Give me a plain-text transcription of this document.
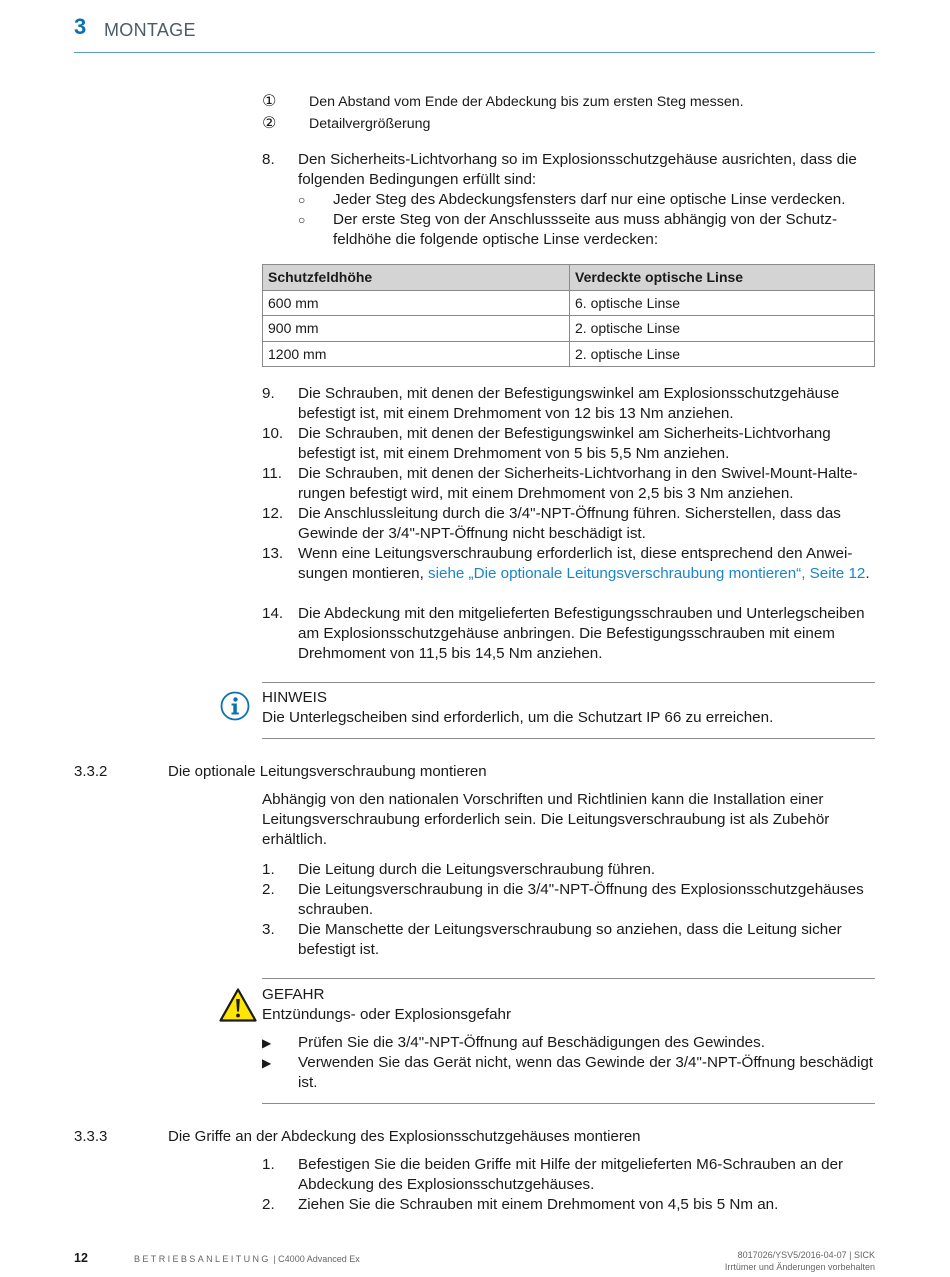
3 MONTAGE
①	Den Abstand vom Ende der Abdeckung bis zum ersten Steg messen.
②	Detailvergrößerung
8. Den Sicherheits-Lichtvorhang so im Explosionsschutzgehäuse ausrichten, dass die folgenden Bedingungen erfüllt sind:
○ Jeder Steg des Abdeckungsfensters darf nur eine optische Linse verdecken.
○ Der erste Steg von der Anschlussseite aus muss abhängig von der Schutzfeldhöhe die folgende optische Linse verdecken:
Schutzfeldhöhe	Verdeckte optische Linse
600 mm	6. optische Linse
900 mm	2. optische Linse
1200 mm	2. optische Linse
9. Die Schrauben, mit denen der Befestigungswinkel am Explosionsschutzgehäuse befestigt ist, mit einem Drehmoment von 12 bis 13 Nm anziehen.
10. Die Schrauben, mit denen der Befestigungswinkel am Sicherheits-Lichtvorhang befestigt ist, mit einem Drehmoment von 5 bis 5,5 Nm anziehen.
11. Die Schrauben, mit denen der Sicherheits-Lichtvorhang in den Swivel-Mount-Halterungen befestigt wird, mit einem Drehmoment von 2,5 bis 3 Nm anziehen.
12. Die Anschlussleitung durch die 3/4"-NPT-Öffnung führen. Sicherstellen, dass das Gewinde der 3/4"-NPT-Öffnung nicht beschädigt ist.
13. Wenn eine Leitungsverschraubung erforderlich ist, diese entsprechend den Anweisungen montieren, siehe „Die optionale Leitungsverschraubung montieren“, Seite 12.
14. Die Abdeckung mit den mitgelieferten Befestigungsschrauben und Unterlegscheiben am Explosionsschutzgehäuse anbringen. Die Befestigungsschrauben mit einem Drehmoment von 11,5 bis 14,5 Nm anziehen.
HINWEIS
Die Unterlegscheiben sind erforderlich, um die Schutzart IP 66 zu erreichen.
3.3.2	Die optionale Leitungsverschraubung montieren
Abhängig von den nationalen Vorschriften und Richtlinien kann die Installation einer Leitungsverschraubung erforderlich sein. Die Leitungsverschraubung ist als Zubehör erhältlich.
1. Die Leitung durch die Leitungsverschraubung führen.
2. Die Leitungsverschraubung in die 3/4"-NPT-Öffnung des Explosionsschutzgehäuses schrauben.
3. Die Manschette der Leitungsverschraubung so anziehen, dass die Leitung sicher befestigt ist.
GEFAHR
Entzündungs- oder Explosionsgefahr
▶ Prüfen Sie die 3/4"-NPT-Öffnung auf Beschädigungen des Gewindes.
▶ Verwenden Sie das Gerät nicht, wenn das Gewinde der 3/4"-NPT-Öffnung beschädigt ist.
3.3.3	Die Griffe an der Abdeckung des Explosionsschutzgehäuses montieren
1. Befestigen Sie die beiden Griffe mit Hilfe der mitgelieferten M6-Schrauben an der Abdeckung des Explosionsschutzgehäuses.
2. Ziehen Sie die Schrauben mit einem Drehmoment von 4,5 bis 5 Nm an.
12	BETRIEBSANLEITUNG | C4000 Advanced Ex	8017026/YSV5/2016-04-07 | SICK
Irrtümer und Änderungen vorbehalten
